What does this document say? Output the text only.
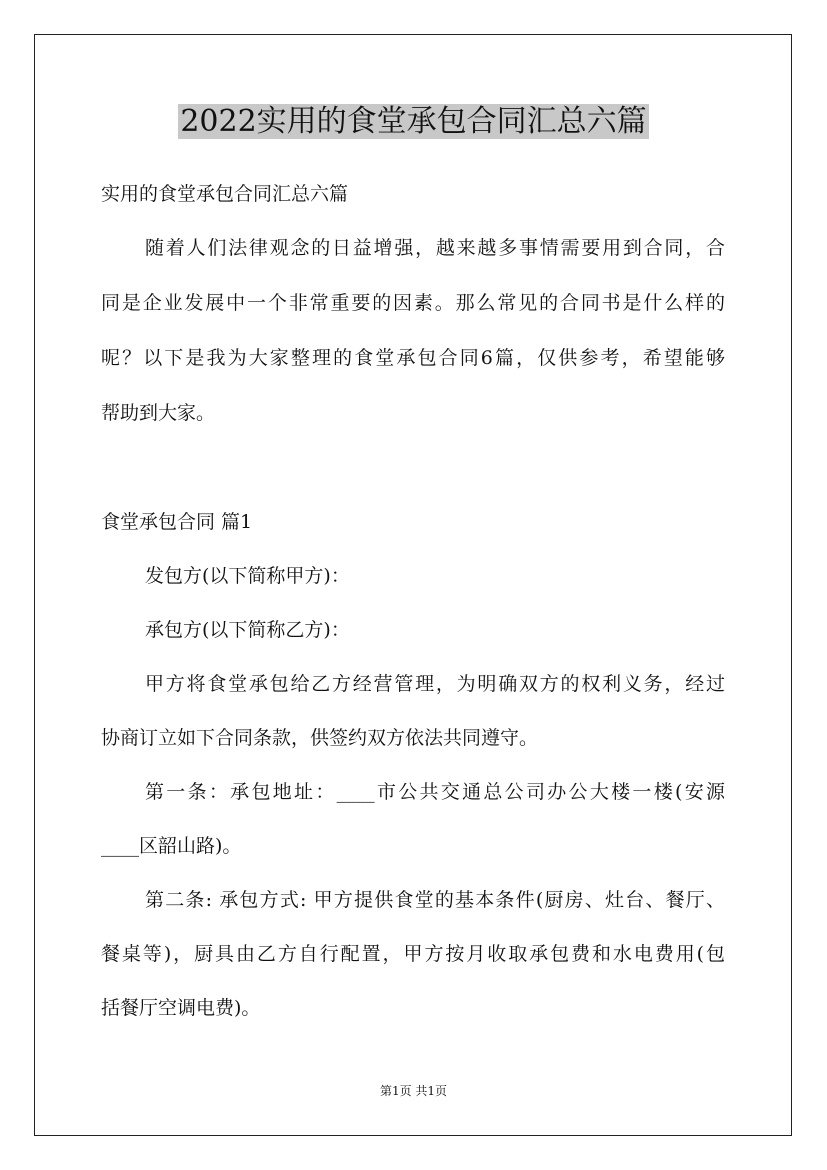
2022实用的食堂承包合同汇总六篇
实用的食堂承包合同汇总六篇
随着人们法律观念的日益增强，越来越多事情需要用到合同，合
同是企业发展中一个非常重要的因素。那么常见的合同书是什么样的
呢？以下是我为大家整理的食堂承包合同6篇，仅供参考，希望能够
帮助到大家。
食堂承包合同 篇1
发包方(以下简称甲方)：
承包方(以下简称乙方)：
甲方将食堂承包给乙方经营管理，为明确双方的权利义务，经过
协商订立如下合同条款，供签约双方依法共同遵守。
第一条：承包地址：____市公共交通总公司办公大楼一楼(安源
____区韶山路)。
第二条: 承包方式: 甲方提供食堂的基本条件(厨房、灶台、餐厅、
餐桌等)，厨具由乙方自行配置，甲方按月收取承包费和水电费用(包
括餐厅空调电费)。
第1页 共1页
